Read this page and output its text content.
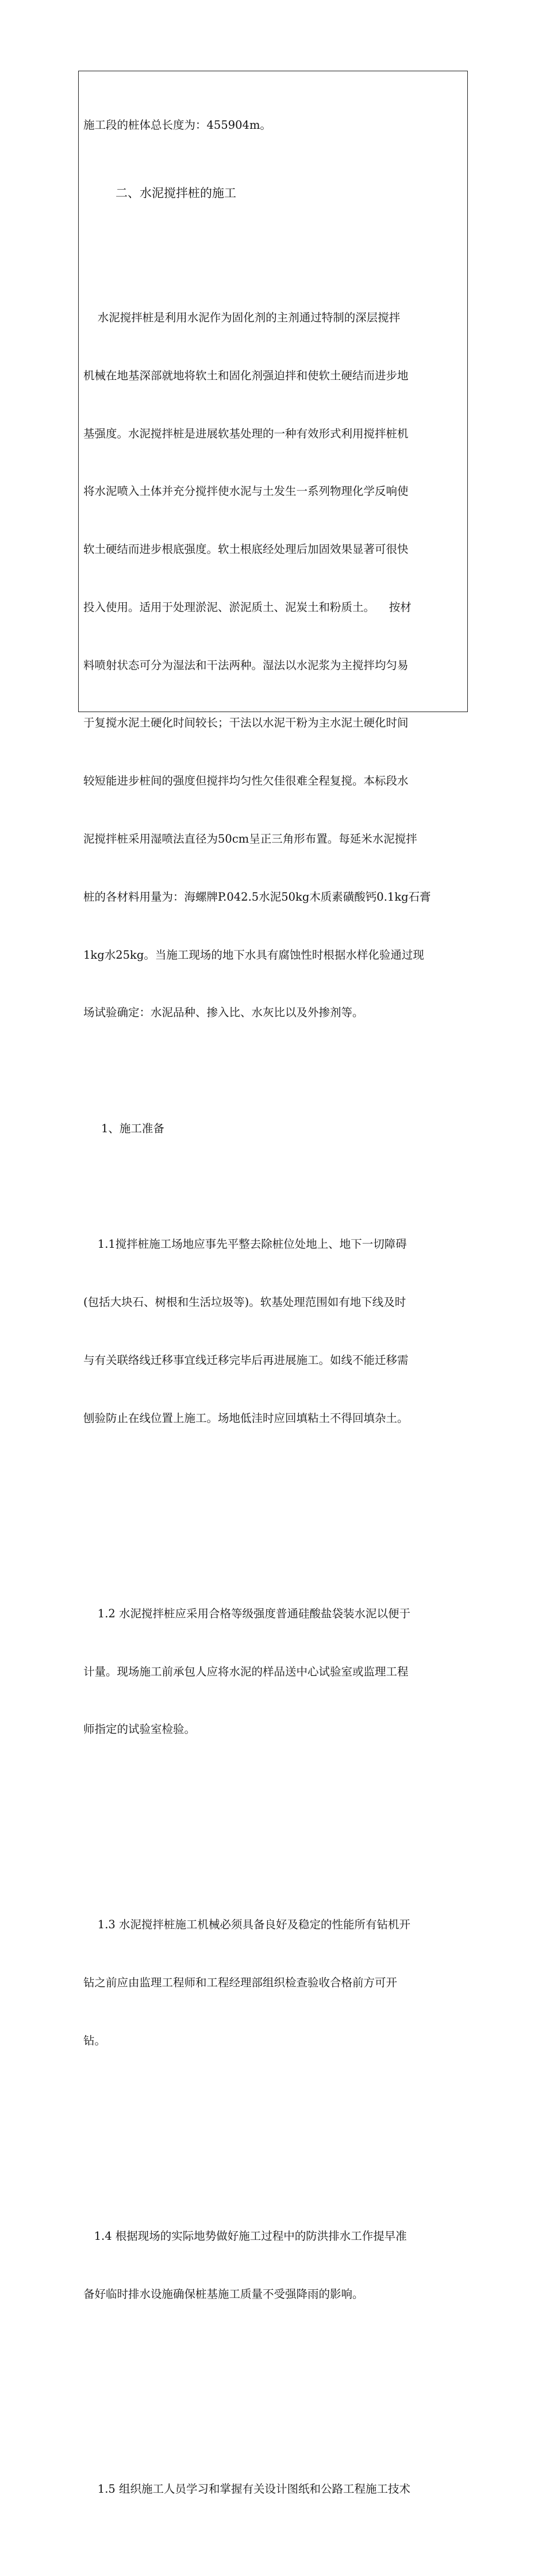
施工段的桩体总长度为：455904m。

二、水泥搅拌桩的施工

水泥搅拌桩是利用水泥作为固化剂的主剂通过特制的深层搅拌

机械在地基深部就地将软土和固化剂强迫拌和使软土硬结而进步地

基强度。水泥搅拌桩是进展软基处理的一种有效形式利用搅拌桩机

将水泥喷入土体并充分搅拌使水泥与土发生一系列物理化学反响使

软土硬结而进步根底强度。软土根底经处理后加固效果显著可很快

投入使用。适用于处理淤泥、淤泥质土、泥炭土和粉质土。    按材

料喷射状态可分为湿法和干法两种。湿法以水泥浆为主搅拌均匀易

于复搅水泥土硬化时间较长；干法以水泥干粉为主水泥土硬化时间

较短能进步桩间的强度但搅拌均匀性欠佳很难全程复搅。本标段水

泥搅拌桩采用湿喷法直径为50cm呈正三角形布置。每延米水泥搅拌

桩的各材料用量为：海螺牌P.042.5水泥50kg木质素磺酸钙0.1kg石膏

1kg水25kg。当施工现场的地下水具有腐蚀性时根据水样化验通过现

场试验确定：水泥品种、掺入比、水灰比以及外掺剂等。

1、施工准备

1.1搅拌桩施工场地应事先平整去除桩位处地上、地下一切障碍

(包括大块石、树根和生活垃圾等)。软基处理范围如有地下线及时

与有关联络线迁移事宜线迁移完毕后再进展施工。如线不能迁移需

刨验防止在线位置上施工。场地低洼时应回填粘土不得回填杂土。

1.2 水泥搅拌桩应采用合格等级强度普通硅酸盐袋装水泥以便于

计量。现场施工前承包人应将水泥的样品送中心试验室或监理工程

师指定的试验室检验。

1.3 水泥搅拌桩施工机械必须具备良好及稳定的性能所有钻机开

钻之前应由监理工程师和工程经理部组织检查验收合格前方可开

钻。

1.4 根据现场的实际地势做好施工过程中的防洪排水工作提早准

备好临时排水设施确保桩基施工质量不受强降雨的影响。

1.5 组织施工人员学习和掌握有关设计图纸和公路工程施工技术
